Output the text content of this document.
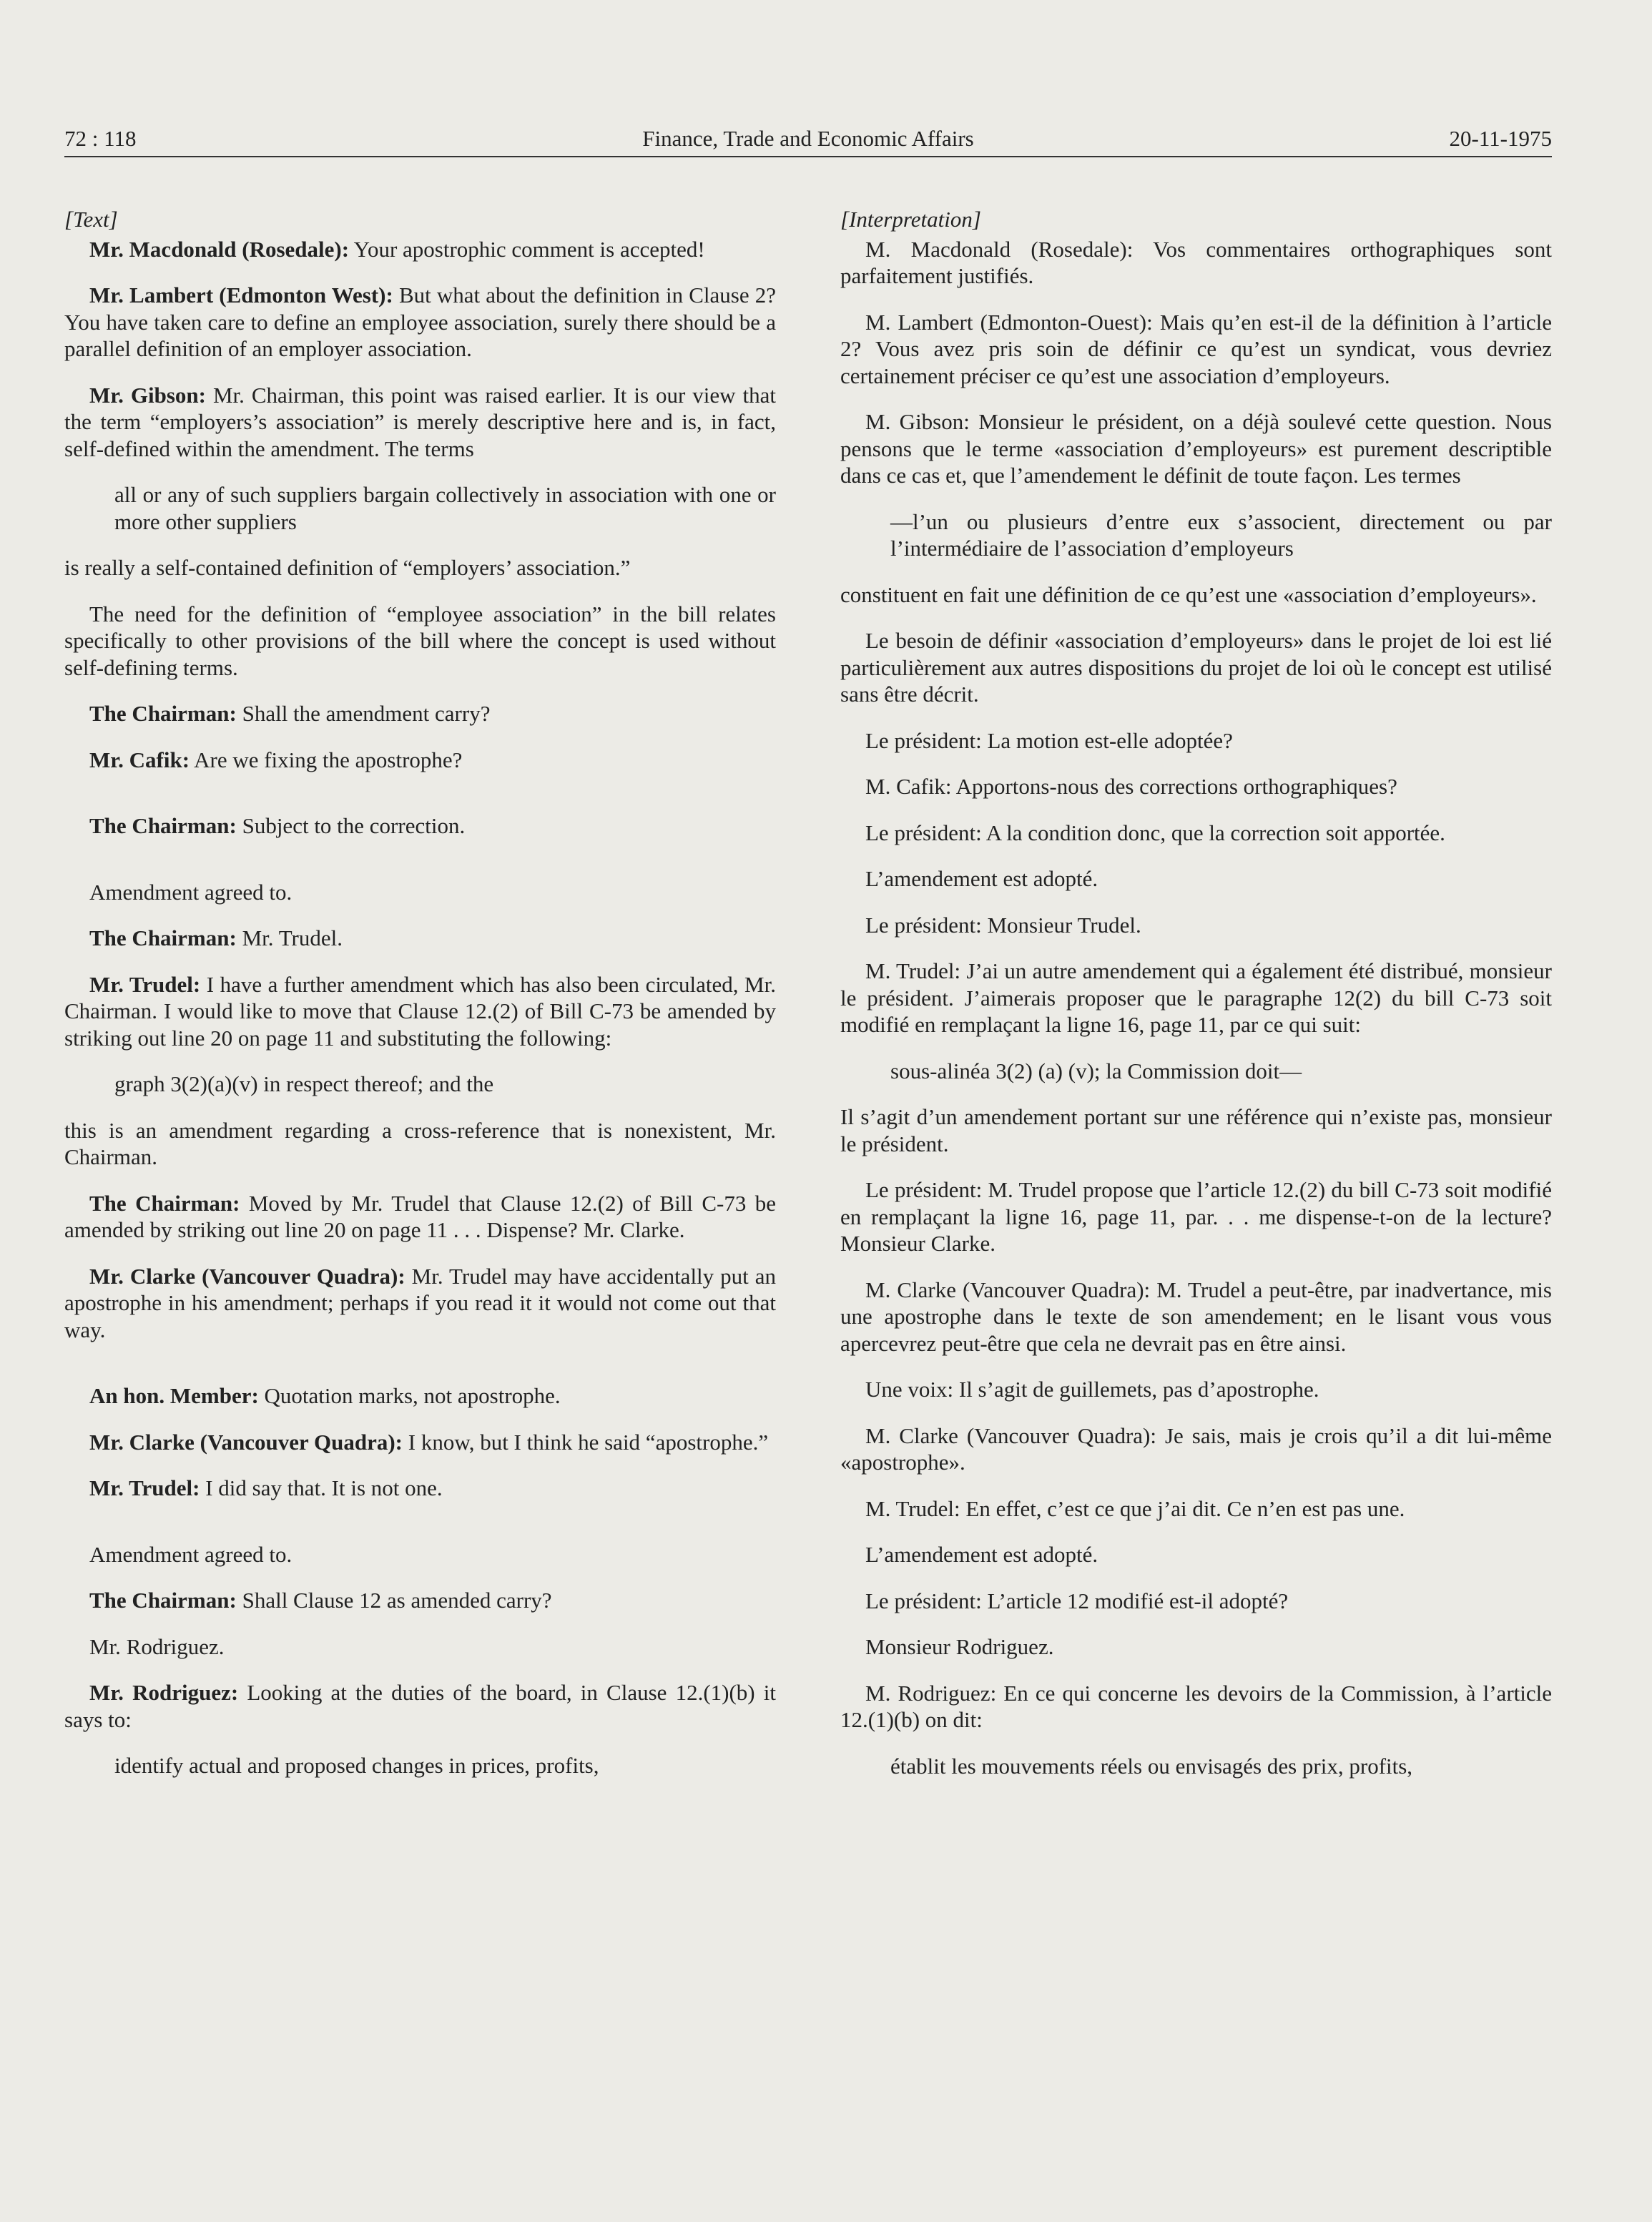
72 : 118	Finance, Trade and Economic Affairs	20-11-1975

[Text]

Mr. Macdonald (Rosedale): Your apostrophic comment is accepted!

Mr. Lambert (Edmonton West): But what about the definition in Clause 2? You have taken care to define an employee association, surely there should be a parallel definition of an employer association.

Mr. Gibson: Mr. Chairman, this point was raised earlier. It is our view that the term “employers’s association” is merely descriptive here and is, in fact, self-defined within the amendment. The terms

all or any of such suppliers bargain collectively in association with one or more other suppliers

is really a self-contained definition of “employers’ association.”

The need for the definition of “employee association” in the bill relates specifically to other provisions of the bill where the concept is used without self-defining terms.

The Chairman: Shall the amendment carry?

Mr. Cafik: Are we fixing the apostrophe?

The Chairman: Subject to the correction.

Amendment agreed to.

The Chairman: Mr. Trudel.

Mr. Trudel: I have a further amendment which has also been circulated, Mr. Chairman. I would like to move that Clause 12.(2) of Bill C-73 be amended by striking out line 20 on page 11 and substituting the following:

graph 3(2)(a)(v) in respect thereof; and the

this is an amendment regarding a cross-reference that is nonexistent, Mr. Chairman.

The Chairman: Moved by Mr. Trudel that Clause 12.(2) of Bill C-73 be amended by striking out line 20 on page 11 . . . Dispense? Mr. Clarke.

Mr. Clarke (Vancouver Quadra): Mr. Trudel may have accidentally put an apostrophe in his amendment; perhaps if you read it it would not come out that way.

An hon. Member: Quotation marks, not apostrophe.

Mr. Clarke (Vancouver Quadra): I know, but I think he said “apostrophe.”

Mr. Trudel: I did say that. It is not one.

Amendment agreed to.

The Chairman: Shall Clause 12 as amended carry?

Mr. Rodriguez.

Mr. Rodriguez: Looking at the duties of the board, in Clause 12.(1)(b) it says to:

identify actual and proposed changes in prices, profits,

[Interpretation]

M. Macdonald (Rosedale): Vos commentaires orthographiques sont parfaitement justifiés.

M. Lambert (Edmonton-Ouest): Mais qu’en est-il de la définition à l’article 2? Vous avez pris soin de définir ce qu’est un syndicat, vous devriez certainement préciser ce qu’est une association d’employeurs.

M. Gibson: Monsieur le président, on a déjà soulevé cette question. Nous pensons que le terme «association d’employeurs» est purement descriptible dans ce cas et, que l’amendement le définit de toute façon. Les termes

—l’un ou plusieurs d’entre eux s’associent, directement ou par l’intermédiaire de l’association d’employeurs

constituent en fait une définition de ce qu’est une «association d’employeurs».

Le besoin de définir «association d’employeurs» dans le projet de loi est lié particulièrement aux autres dispositions du projet de loi où le concept est utilisé sans être décrit.

Le président: La motion est-elle adoptée?

M. Cafik: Apportons-nous des corrections orthographiques?

Le président: A la condition donc, que la correction soit apportée.

L’amendement est adopté.

Le président: Monsieur Trudel.

M. Trudel: J’ai un autre amendement qui a également été distribué, monsieur le président. J’aimerais proposer que le paragraphe 12(2) du bill C-73 soit modifié en remplaçant la ligne 16, page 11, par ce qui suit:

sous-alinéa 3(2) (a) (v); la Commission doit—

Il s’agit d’un amendement portant sur une référence qui n’existe pas, monsieur le président.

Le président: M. Trudel propose que l’article 12.(2) du bill C-73 soit modifié en remplaçant la ligne 16, page 11, par. . . me dispense-t-on de la lecture? Monsieur Clarke.

M. Clarke (Vancouver Quadra): M. Trudel a peut-être, par inadvertance, mis une apostrophe dans le texte de son amendement; en le lisant vous vous apercevrez peut-être que cela ne devrait pas en être ainsi.

Une voix: Il s’agit de guillemets, pas d’apostrophe.

M. Clarke (Vancouver Quadra): Je sais, mais je crois qu’il a dit lui-même «apostrophe».

M. Trudel: En effet, c’est ce que j’ai dit. Ce n’en est pas une.

L’amendement est adopté.

Le président: L’article 12 modifié est-il adopté?

Monsieur Rodriguez.

M. Rodriguez: En ce qui concerne les devoirs de la Commission, à l’article 12.(1)(b) on dit:

établit les mouvements réels ou envisagés des prix, profits,
